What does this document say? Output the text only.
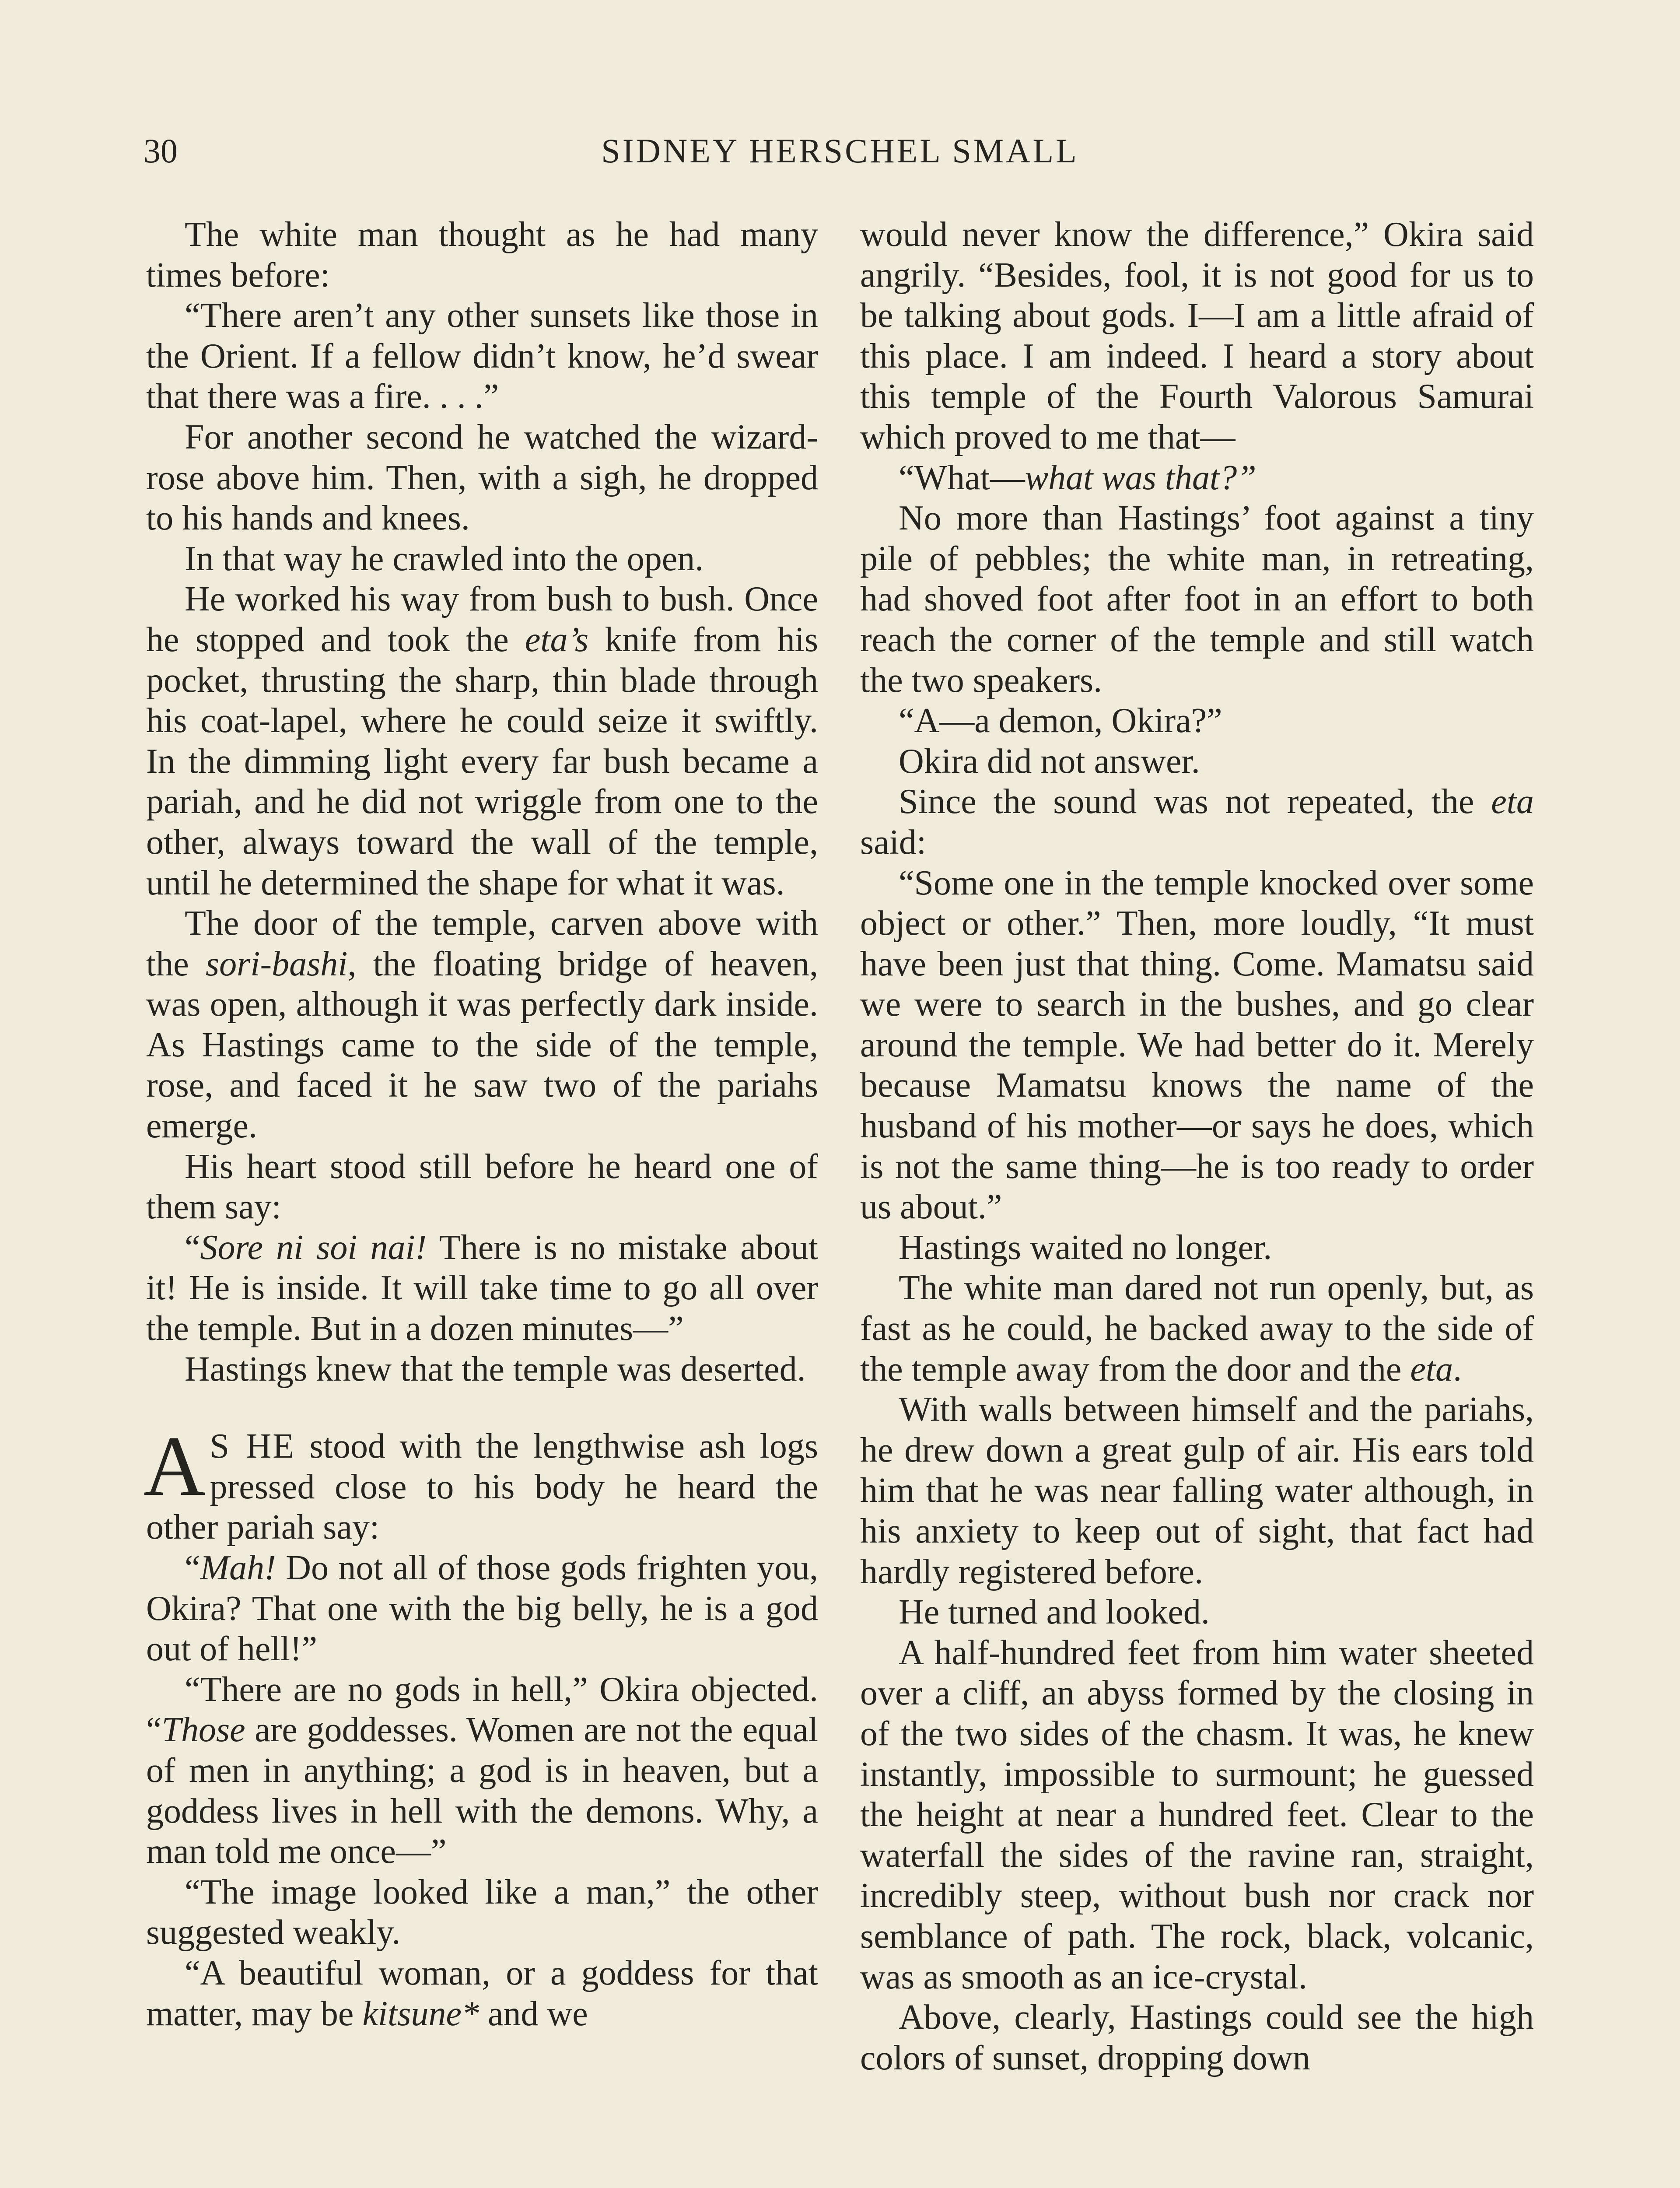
30	SIDNEY HERSCHEL SMALL

The white man thought as he had many times before:

“There aren’t any other sunsets like those in the Orient. If a fellow didn’t know, he’d swear that there was a fire. . . .”

For another second he watched the wizard-rose above him. Then, with a sigh, he dropped to his hands and knees.

In that way he crawled into the open.

He worked his way from bush to bush. Once he stopped and took the eta’s knife from his pocket, thrusting the sharp, thin blade through his coat-lapel, where he could seize it swiftly. In the dimming light every far bush became a pariah, and he did not wriggle from one to the other, always toward the wall of the temple, until he determined the shape for what it was.

The door of the temple, carven above with the sori-bashi, the floating bridge of heaven, was open, although it was perfectly dark inside. As Hastings came to the side of the temple, rose, and faced it he saw two of the pariahs emerge.

His heart stood still before he heard one of them say:

“Sore ni soi nai! There is no mistake about it! He is inside. It will take time to go all over the temple. But in a dozen minutes—”

Hastings knew that the temple was deserted.

A S HE stood with the lengthwise ash logs pressed close to his body he heard the other pariah say:

“Mah! Do not all of those gods frighten you, Okira? That one with the big belly, he is a god out of hell!”

“There are no gods in hell,” Okira objected. “Those are goddesses. Women are not the equal of men in anything; a god is in heaven, but a goddess lives in hell with the demons. Why, a man told me once—”

“The image looked like a man,” the other suggested weakly.

“A beautiful woman, or a goddess for that matter, may be kitsune* and we

would never know the difference,” Okira said angrily. “Besides, fool, it is not good for us to be talking about gods. I—I am a little afraid of this place. I am indeed. I heard a story about this temple of the Fourth Valorous Samurai which proved to me that—

“What—what was that?”

No more than Hastings’ foot against a tiny pile of pebbles; the white man, in retreating, had shoved foot after foot in an effort to both reach the corner of the temple and still watch the two speakers.

“A—a demon, Okira?”

Okira did not answer.

Since the sound was not repeated, the eta said:

“Some one in the temple knocked over some object or other.” Then, more loudly, “It must have been just that thing. Come. Mamatsu said we were to search in the bushes, and go clear around the temple. We had better do it. Merely because Mamatsu knows the name of the husband of his mother—or says he does, which is not the same thing—he is too ready to order us about.”

Hastings waited no longer.

The white man dared not run openly, but, as fast as he could, he backed away to the side of the temple away from the door and the eta.

With walls between himself and the pariahs, he drew down a great gulp of air. His ears told him that he was near falling water although, in his anxiety to keep out of sight, that fact had hardly registered before.

He turned and looked.

A half-hundred feet from him water sheeted over a cliff, an abyss formed by the closing in of the two sides of the chasm. It was, he knew instantly, impossible to surmount; he guessed the height at near a hundred feet. Clear to the waterfall the sides of the ravine ran, straight, incredibly steep, without bush nor crack nor semblance of path. The rock, black, volcanic, was as smooth as an ice-crystal.

Above, clearly, Hastings could see the high colors of sunset, dropping down
